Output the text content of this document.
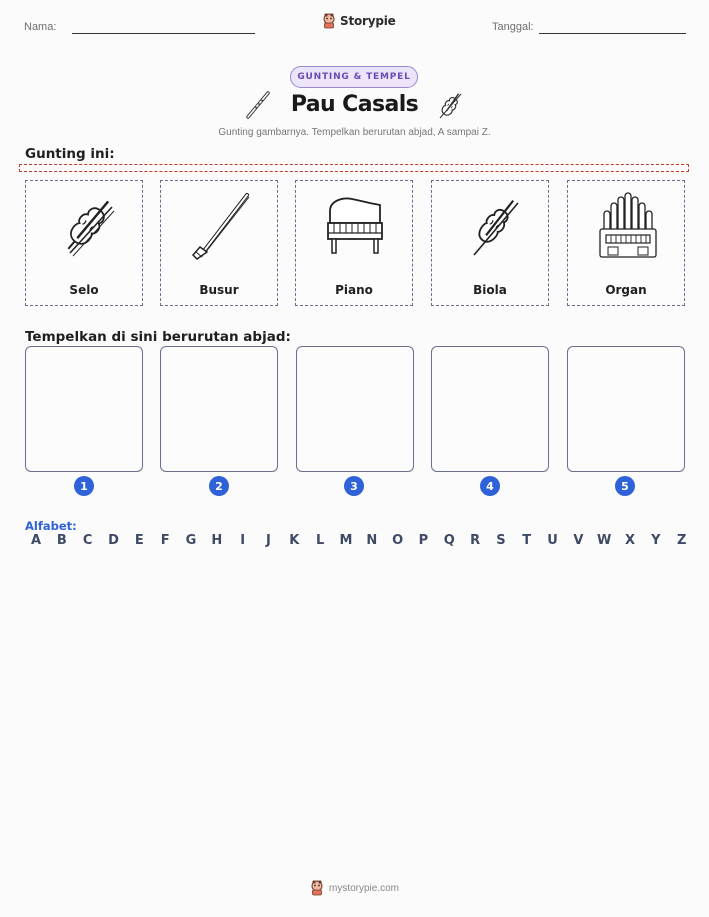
Nama:	Storypie	Tanggal:
GUNTING & TEMPEL
Pau Casals
Gunting gambarnya. Tempelkan berurutan abjad, A sampai Z.
Gunting ini:
Selo	Busur	Piano	Biola	Organ
Tempelkan di sini berurutan abjad:
1	2	3	4	5
Alfabet:
A	B	C	D	E	F	G	H	I	J	K	L	M	N	O	P	Q	R	S	T	U	V	W	X	Y	Z
mystorypie.com
